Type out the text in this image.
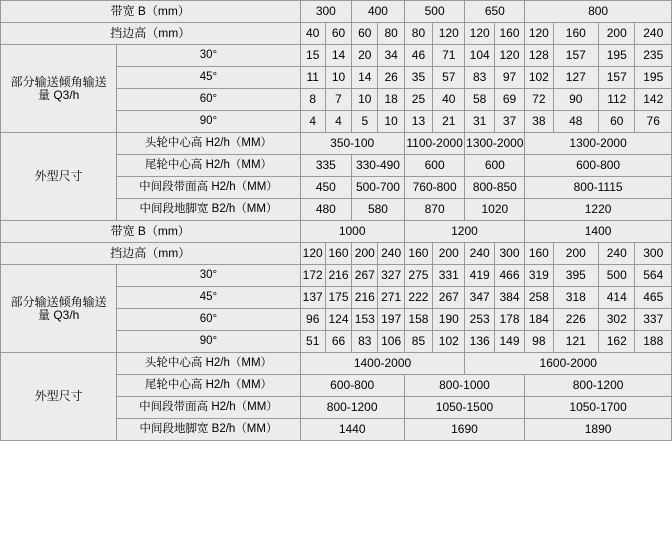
带宽 B（mm）		300		400		500		650		800			
挡边高（mm）		40	60	60	80	80	120	120	160	120	160	200	240

部分输送倾角输送
量 Q3/h	30°	15	14	20	34	46	71	104	120	128	157	195	235
	45°	11	10	14	26	35	57	83	97	102	127	157	195
	60°	8	7	10	18	25	40	58	69	72	90	112	142
	90°	4	4	5	10	13	21	31	37	38	48	60	76
外型尺寸	头轮中心高 H2/h（MM）	350-100				1100-2000		1300-2000		1300-2000			
	尾轮中心高 H2/h（MM）	335		330-490		600		600		600-800			
	中间段带面高 H2/h（MM）	450		500-700		760-800		800-850		800-1115			
	中间段地脚宽 B2/h（MM）	480		580		870		1020		1220			
带宽 B（mm）		1000				1200				1400			
挡边高（mm）		120	160	200	240	160	200	240	300	160	200	240	300

部分输送倾角输送
量 Q3/h	30°	172	216	267	327	275	331	419	466	319	395	500	564
	45°	137	175	216	271	222	267	347	384	258	318	414	465
	60°	96	124	153	197	158	190	253	178	184	226	302	337
	90°	51	66	83	106	85	102	136	149	98	121	162	188
外型尺寸	头轮中心高 H2/h（MM）	1400-2000						1600-2000					
	尾轮中心高 H2/h（MM）	600-800				800-1000				800-1200			
	中间段带面高 H2/h（MM）	800-1200				1050-1500				1050-1700			
	中间段地脚宽 B2/h（MM）	1440				1690				1890			
